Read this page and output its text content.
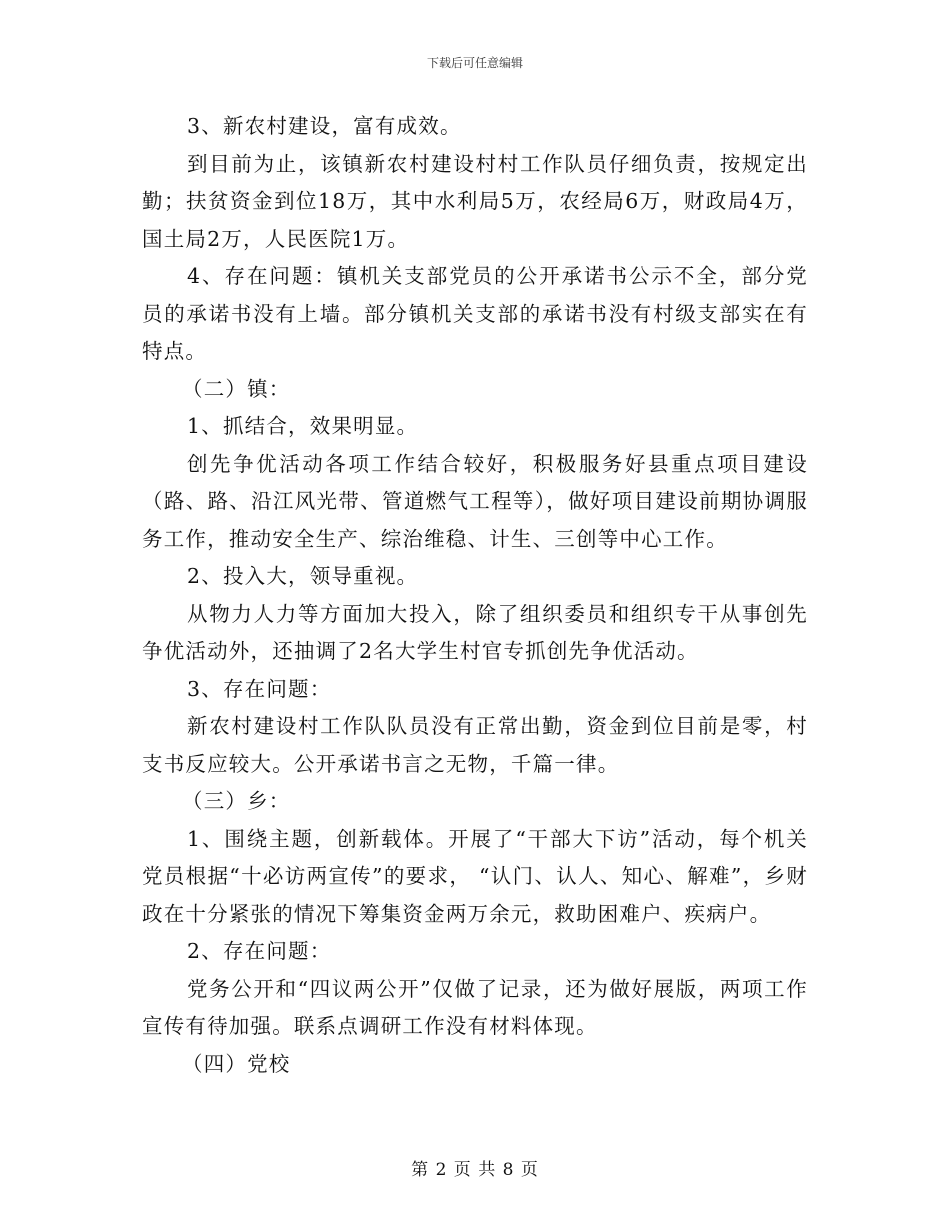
下载后可任意编辑

3、新农村建设，富有成效。

到目前为止，该镇新农村建设村村工作队员仔细负责，按规定出勤；扶贫资金到位18万，其中水利局5万，农经局6万，财政局4万，国土局2万，人民医院1万。

4、存在问题：镇机关支部党员的公开承诺书公示不全，部分党员的承诺书没有上墙。部分镇机关支部的承诺书没有村级支部实在有特点。

（二）镇：

1、抓结合，效果明显。

创先争优活动各项工作结合较好，积极服务好县重点项目建设（路、路、沿江风光带、管道燃气工程等），做好项目建设前期协调服务工作，推动安全生产、综治维稳、计生、三创等中心工作。

2、投入大，领导重视。

从物力人力等方面加大投入，除了组织委员和组织专干从事创先争优活动外，还抽调了2名大学生村官专抓创先争优活动。

3、存在问题：

新农村建设村工作队队员没有正常出勤，资金到位目前是零，村支书反应较大。公开承诺书言之无物，千篇一律。

（三）乡：

1、围绕主题，创新载体。开展了“干部大下访”活动，每个机关党员根据“十必访两宣传”的要求， “认门、认人、知心、解难”，乡财政在十分紧张的情况下筹集资金两万余元，救助困难户、疾病户。

2、存在问题：

党务公开和“四议两公开”仅做了记录，还为做好展版，两项工作宣传有待加强。联系点调研工作没有材料体现。

（四）党校

第 2 页 共 8 页
